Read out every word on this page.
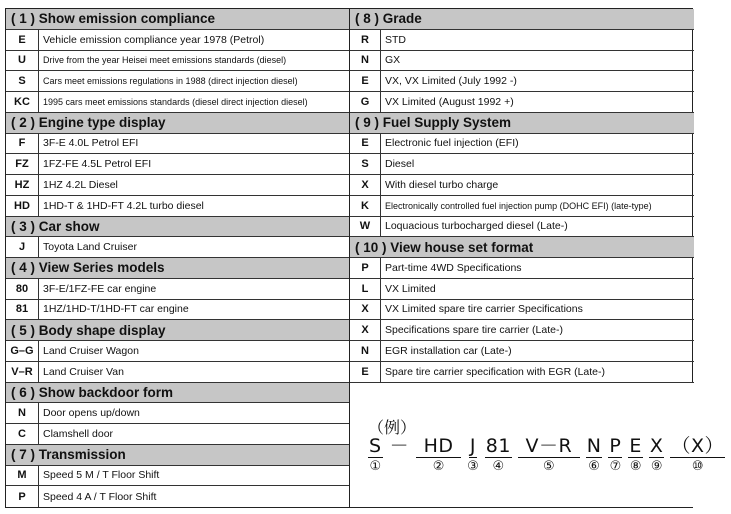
( 1 ) Show emission compliance
E	Vehicle emission compliance year 1978 (Petrol)
U	Drive from the year Heisei meet emissions standards (diesel)
S	Cars meet emissions regulations in 1988 (direct injection diesel)
KC	1995 cars meet emissions standards (diesel direct injection diesel)
( 2 ) Engine type display
F	3F-E 4.0L Petrol EFI
FZ	1FZ-FE 4.5L Petrol EFI
HZ	1HZ 4.2L Diesel
HD	1HD-T & 1HD-FT 4.2L turbo diesel
( 3 ) Car show
J	Toyota Land Cruiser
( 4 ) View Series models
80	3F-E/1FZ-FE car engine
81	1HZ/1HD-T/1HD-FT car engine
( 5 ) Body shape display
G–G Land Cruiser Wagon
V–R Land Cruiser Van
( 6 ) Show backdoor form
N	Door opens up/down
C	Clamshell door
( 7 ) Transmission
M	Speed 5 M / T Floor Shift
P	Speed 4 A / T Floor Shift
( 8 ) Grade
R	STD
N	GX
E	VX, VX Limited (July 1992 -)
G	VX Limited (August 1992 +)
( 9 ) Fuel Supply System
E	Electronic fuel injection (EFI)
S	Diesel
X	With diesel turbo charge
K	Electronically controlled fuel injection pump (DOHC EFI) (late-type)
W	Loquacious turbocharged diesel (Late-)
( 10 ) View house set format
P	Part-time 4WD Specifications
L	VX Limited
X	VX Limited spare tire carrier Specifications
X	Specifications spare tire carrier (Late-)
N	EGR installation car (Late-)
E	Spare tire carrier specification with EGR (Late-)
（例）
S
①
－ HD
②
J
③
81
④
V－R
⑤
N
⑥
P
⑦
E
⑧
X
⑨
（X）
⑩
